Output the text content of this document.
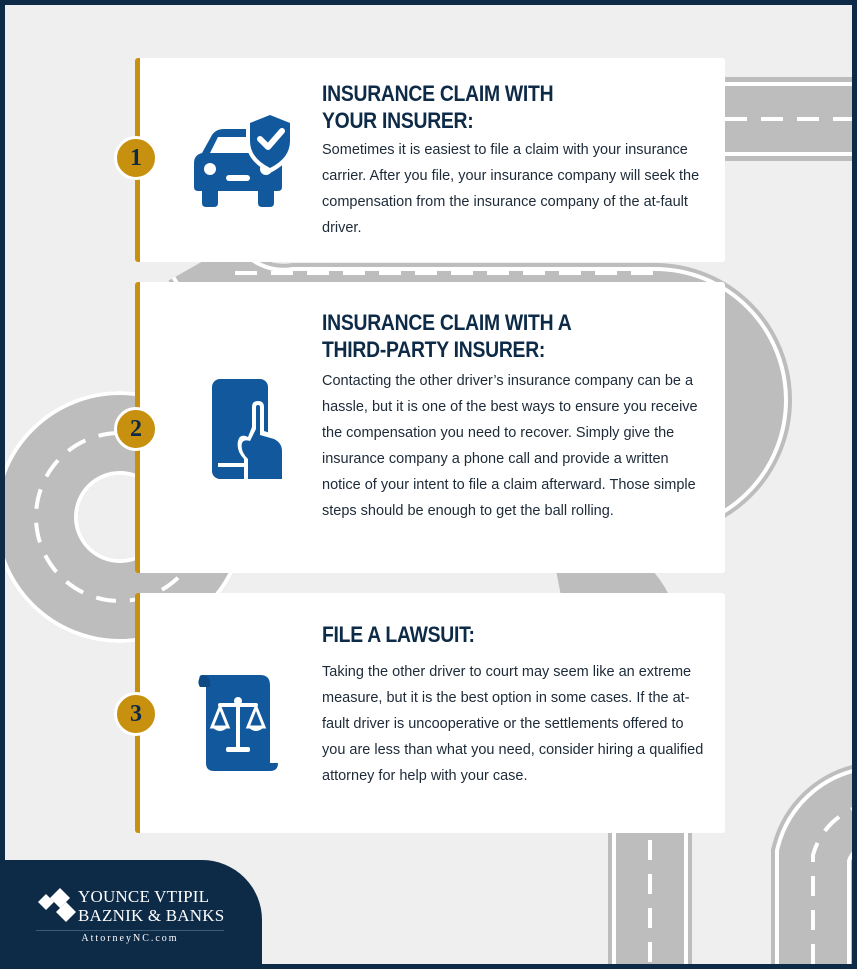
1
INSURANCE CLAIM WITH
YOUR INSURER:

Sometimes it is easiest to file a claim with your insurance carrier. After you file, your insurance company will seek the compensation from the insurance company of the at-fault driver.

2
INSURANCE CLAIM WITH A
THIRD-PARTY INSURER:

Contacting the other driver’s insurance company can be a hassle, but it is one of the best ways to ensure you receive the compensation you need to recover. Simply give the insurance company a phone call and provide a written notice of your intent to file a claim afterward. Those simple steps should be enough to get the ball rolling.

3
FILE A LAWSUIT:

Taking the other driver to court may seem like an extreme measure, but it is the best option in some cases. If the at-fault driver is uncooperative or the settlements offered to you are less than what you need, consider hiring a qualified attorney for help with your case.

YOUNCE VTIPIL
BAZNIK & BANKS
AttorneyNC.com
